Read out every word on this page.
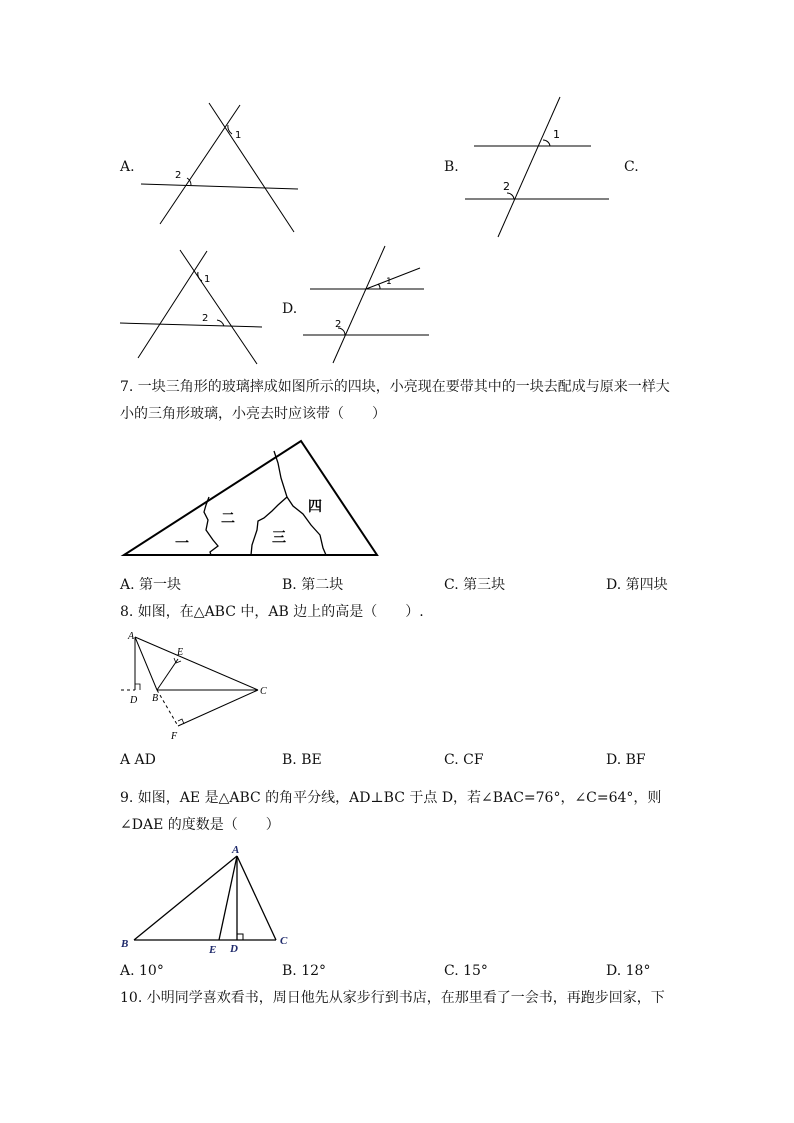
A.
1
2
B.
1
2
C.
1
2
D.
1
2
7. 一块三角形的玻璃摔成如图所示的四块，小亮现在要带其中的一块去配成与原来一样大
小的三角形玻璃，小亮去时应该带（　　）
一
二
三
四
A. 第一块	B. 第二块	C. 第三块	D. 第四块
8. 如图，在△ABC 中，AB 边上的高是（　　）.
A
E
D B
C
F
A AD	B. BE	C. CF	D. BF
9. 如图，AE 是△ABC 的角平分线，AD⊥BC 于点 D，若∠BAC=76°，∠C=64°，则
∠DAE 的度数是（　　）
A
B	C
E D
A. 10°	B. 12°	C. 15°	D. 18°
10. 小明同学喜欢看书，周日他先从家步行到书店，在那里看了一会书，再跑步回家，下
